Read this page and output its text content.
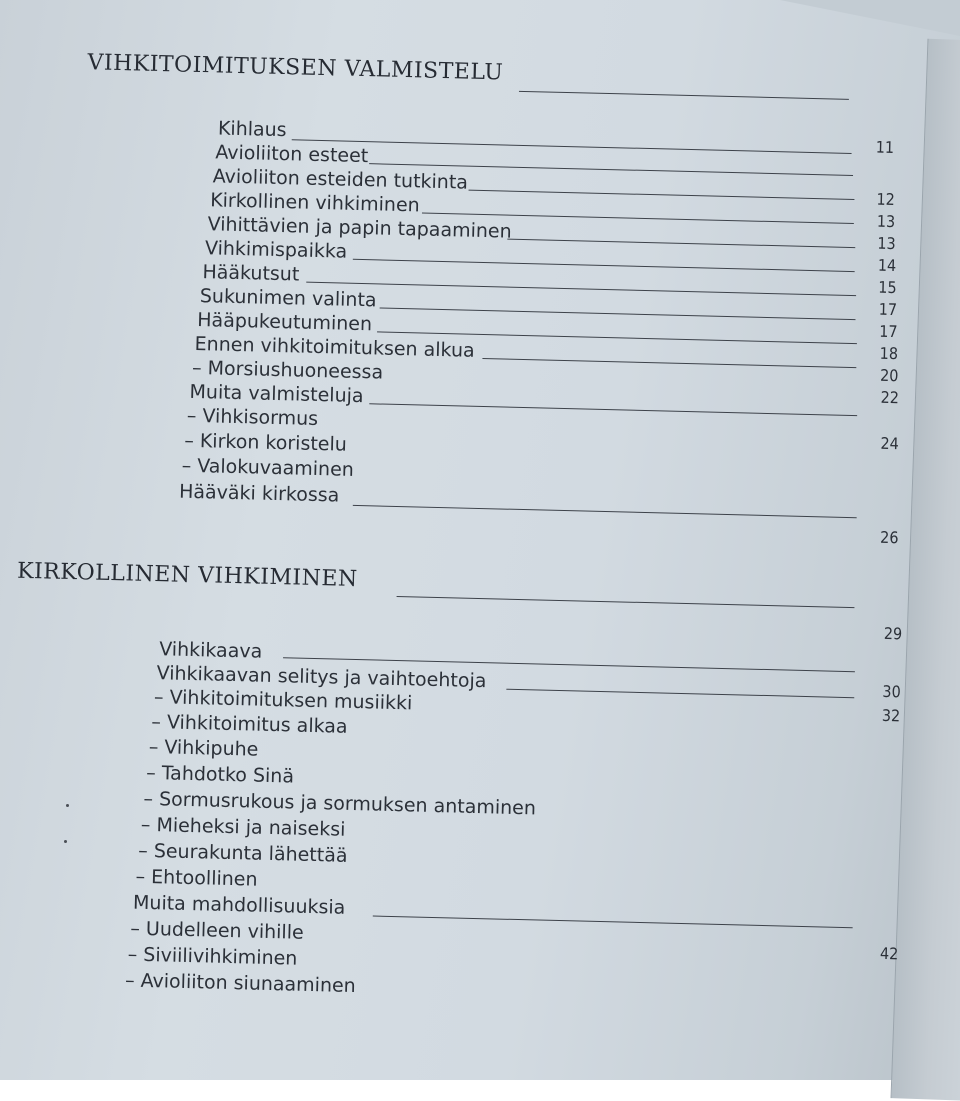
VIHKITOIMITUKSEN VALMISTELU
Kihlaus
Avioliiton esteet
Avioliiton esteiden tutkinta
Kirkollinen vihkiminen
Vihittävien ja papin tapaaminen
Vihkimispaikka
Hääkutsut
Sukunimen valinta
Hääpukeutuminen
Ennen vihkitoimituksen alkua
– Morsiushuoneessa
Muita valmisteluja
– Vihkisormus
– Kirkon koristelu
– Valokuvaaminen
Hääväki kirkossa
11
12
13
13
14
15
17
17
18
20
22
24
26
KIRKOLLINEN VIHKIMINEN
29
Vihkikaava
Vihkikaavan selitys ja vaihtoehtoja
– Vihkitoimituksen musiikki
– Vihkitoimitus alkaa
– Vihkipuhe
– Tahdotko Sinä
– Sormusrukous ja sormuksen antaminen
– Mieheksi ja naiseksi
– Seurakunta lähettää
– Ehtoollinen
Muita mahdollisuuksia
– Uudelleen vihille
– Siviilivihkiminen
– Avioliiton siunaaminen
30
32
42
